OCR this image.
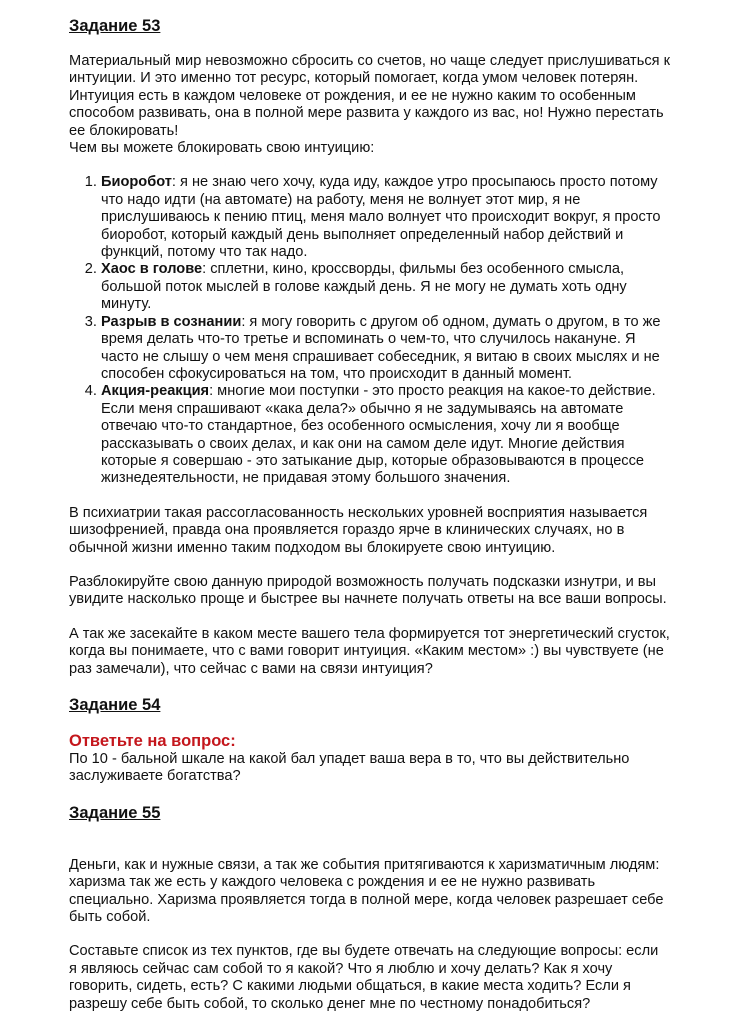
Задание 53

Материальный мир невозможно сбросить со счетов, но чаще следует прислушиваться к интуиции. И это именно тот ресурс, который помогает, когда умом человек потерян. Интуиция есть в каждом человеке от рождения, и ее не нужно каким то особенным способом развивать, она в полной мере развита у каждого из вас, но! Нужно перестать ее блокировать!

Чем вы можете блокировать свою интуицию:

1. Биоробот: я не знаю чего хочу, куда иду, каждое утро просыпаюсь просто потому что надо идти (на автомате) на работу, меня не волнует этот мир, я не прислушиваюсь к пению птиц, меня мало волнует что происходит вокруг, я просто биоробот, который каждый день выполняет определенный набор действий и функций, потому что так надо.
2. Хаос в голове: сплетни, кино, кроссворды, фильмы без особенного смысла, большой поток мыслей в голове каждый день. Я не могу не думать хоть одну минуту.
3. Разрыв в сознании: я могу говорить с другом об одном, думать о другом, в то же время делать что-то третье и вспоминать о чем-то, что случилось накануне. Я часто не слышу о чем меня спрашивает собеседник, я витаю в своих мыслях и не способен сфокусироваться на том, что происходит в данный момент.
4. Акция-реакция: многие мои поступки - это просто реакция на какое-то действие. Если меня спрашивают «кака дела?» обычно я не задумываясь на автомате отвечаю что-то стандартное, без особенного осмысления, хочу ли я вообще рассказывать о своих делах, и как они на самом деле идут. Многие действия которые я совершаю - это затыкание дыр, которые образовываются в процессе жизнедеятельности, не придавая этому большого значения.

В психиатрии такая рассогласованность нескольких уровней восприятия называется шизофренией, правда она проявляется гораздо ярче в клинических случаях, но в обычной жизни именно таким подходом вы блокируете свою интуицию.

Разблокируйте свою данную природой возможность получать подсказки изнутри, и вы увидите насколько проще и быстрее вы начнете получать ответы на все ваши вопросы.

А так же засекайте в каком месте вашего тела формируется тот энергетический сгусток, когда вы понимаете, что с вами говорит интуиция. «Каким местом» :) вы чувствуете (не раз замечали), что сейчас с вами на связи интуиция?

Задание 54

Ответьте на вопрос:

По 10 - бальной шкале на какой бал упадет ваша вера в то, что вы действительно заслуживаете богатства?

Задание 55

Деньги, как и нужные связи, а так же события притягиваются к харизматичным людям: харизма так же есть у каждого человека с рождения и ее не нужно развивать специально. Харизма проявляется тогда в полной мере, когда человек разрешает себе быть собой.

Составьте список из тех пунктов, где вы будете отвечать на следующие вопросы: если я являюсь сейчас сам собой то я какой? Что я люблю и хочу делать? Как я хочу говорить, сидеть, есть? С какими людьми общаться, в какие места ходить? Если я разрешу себе быть собой, то сколько денег мне по честному понадобиться?
